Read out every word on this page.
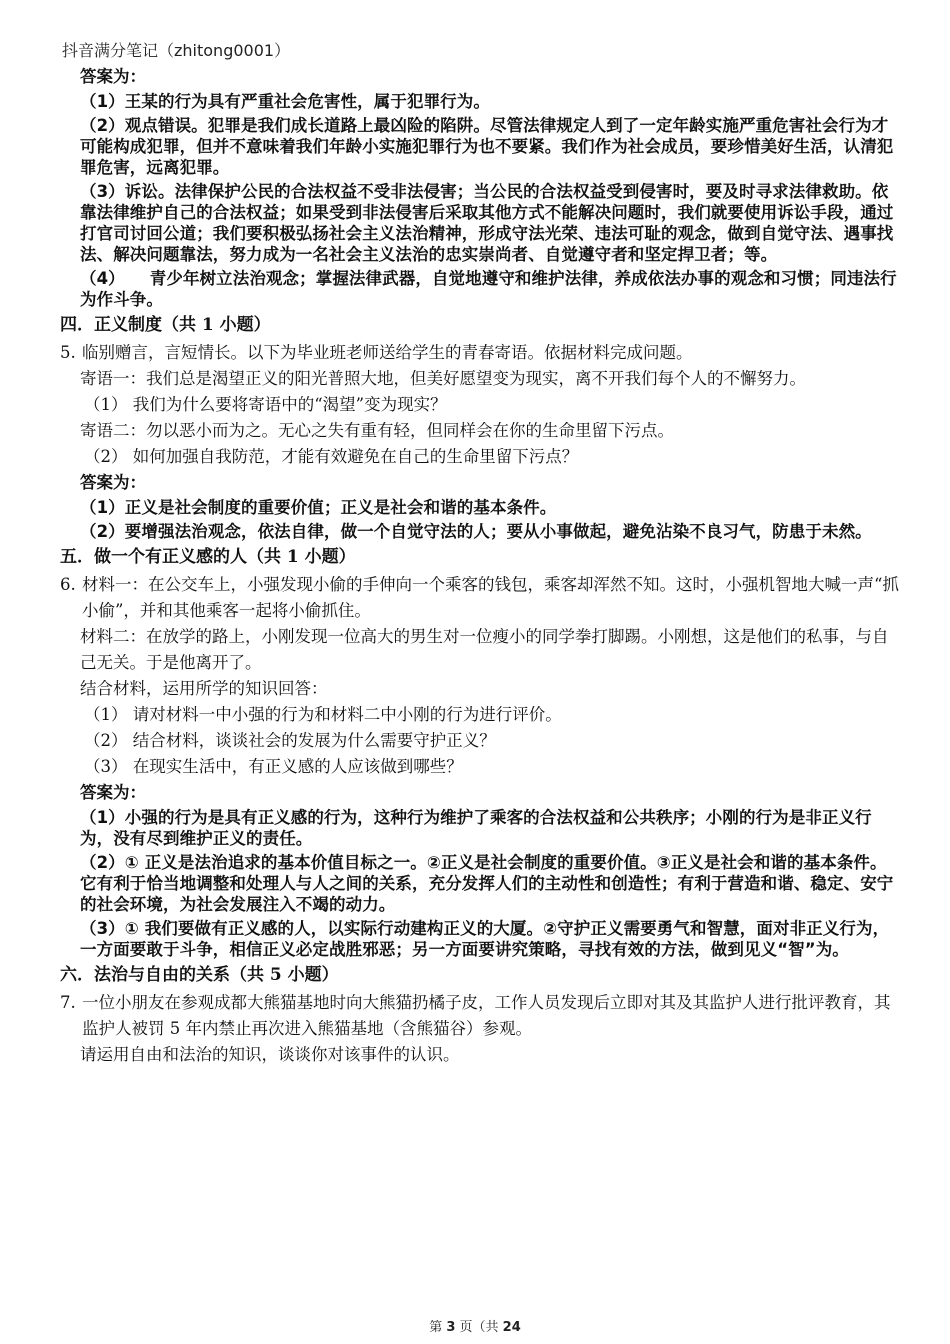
抖音满分笔记（zhitong0001）
答案为：
（1）王某的行为具有严重社会危害性，属于犯罪行为。
（2）观点错误。犯罪是我们成长道路上最凶险的陷阱。尽管法律规定人到了一定年龄实施严重危害社会行为才可能构成犯罪，但并不意味着我们年龄小实施犯罪行为也不要紧。我们作为社会成员，要珍惜美好生活，认清犯罪危害，远离犯罪。
（3）诉讼。法律保护公民的合法权益不受非法侵害；当公民的合法权益受到侵害时，要及时寻求法律救助。依靠法律维护自己的合法权益；如果受到非法侵害后采取其他方式不能解决问题时，我们就要使用诉讼手段，通过打官司讨回公道；我们要积极弘扬社会主义法治精神，形成守法光荣、违法可耻的观念，做到自觉守法、遇事找法、解决问题靠法，努力成为一名社会主义法治的忠实崇尚者、自觉遵守者和坚定捍卫者；等。
（4）　　青少年树立法治观念；掌握法律武器，自觉地遵守和维护法律，养成依法办事的观念和习惯；同违法行为作斗争。
四．正义制度（共 1 小题）
5. 临别赠言，言短情长。以下为毕业班老师送给学生的青春寄语。依据材料完成问题。
寄语一：我们总是渴望正义的阳光普照大地，但美好愿望变为现实，离不开我们每个人的不懈努力。
（1） 我们为什么要将寄语中的“渴望”变为现实？
寄语二：勿以恶小而为之。无心之失有重有轻，但同样会在你的生命里留下污点。
（2） 如何加强自我防范，才能有效避免在自己的生命里留下污点？
答案为：
（1）正义是社会制度的重要价值；正义是社会和谐的基本条件。
（2）要增强法治观念，依法自律，做一个自觉守法的人；要从小事做起，避免沾染不良习气，防患于未然。
五．做一个有正义感的人（共 1 小题）
6. 材料一：在公交车上，小强发现小偷的手伸向一个乘客的钱包，乘客却浑然不知。这时，小强机智地大喊一声“抓小偷”，并和其他乘客一起将小偷抓住。
材料二：在放学的路上，小刚发现一位高大的男生对一位瘦小的同学拳打脚踢。小刚想，这是他们的私事，与自己无关。于是他离开了。
结合材料，运用所学的知识回答：
（1） 请对材料一中小强的行为和材料二中小刚的行为进行评价。
（2） 结合材料，谈谈社会的发展为什么需要守护正义？
（3） 在现实生活中，有正义感的人应该做到哪些？
答案为：
（1）小强的行为是具有正义感的行为，这种行为维护了乘客的合法权益和公共秩序；小刚的行为是非正义行为，没有尽到维护正义的责任。
（2）① 正义是法治追求的基本价值目标之一。②正义是社会制度的重要价值。③正义是社会和谐的基本条件。它有利于恰当地调整和处理人与人之间的关系，充分发挥人们的主动性和创造性；有利于营造和谐、稳定、安宁的社会环境，为社会发展注入不竭的动力。
（3）① 我们要做有正义感的人，以实际行动建构正义的大厦。②守护正义需要勇气和智慧，面对非正义行为，一方面要敢于斗争，相信正义必定战胜邪恶；另一方面要讲究策略，寻找有效的方法，做到见义“智”为。
六．法治与自由的关系（共 5 小题）
7. 一位小朋友在参观成都大熊猫基地时向大熊猫扔橘子皮，工作人员发现后立即对其及其监护人进行批评教育，其监护人被罚 5 年内禁止再次进入熊猫基地（含熊猫谷）参观。
请运用自由和法治的知识，谈谈你对该事件的认识。
第 3 页（共 24
